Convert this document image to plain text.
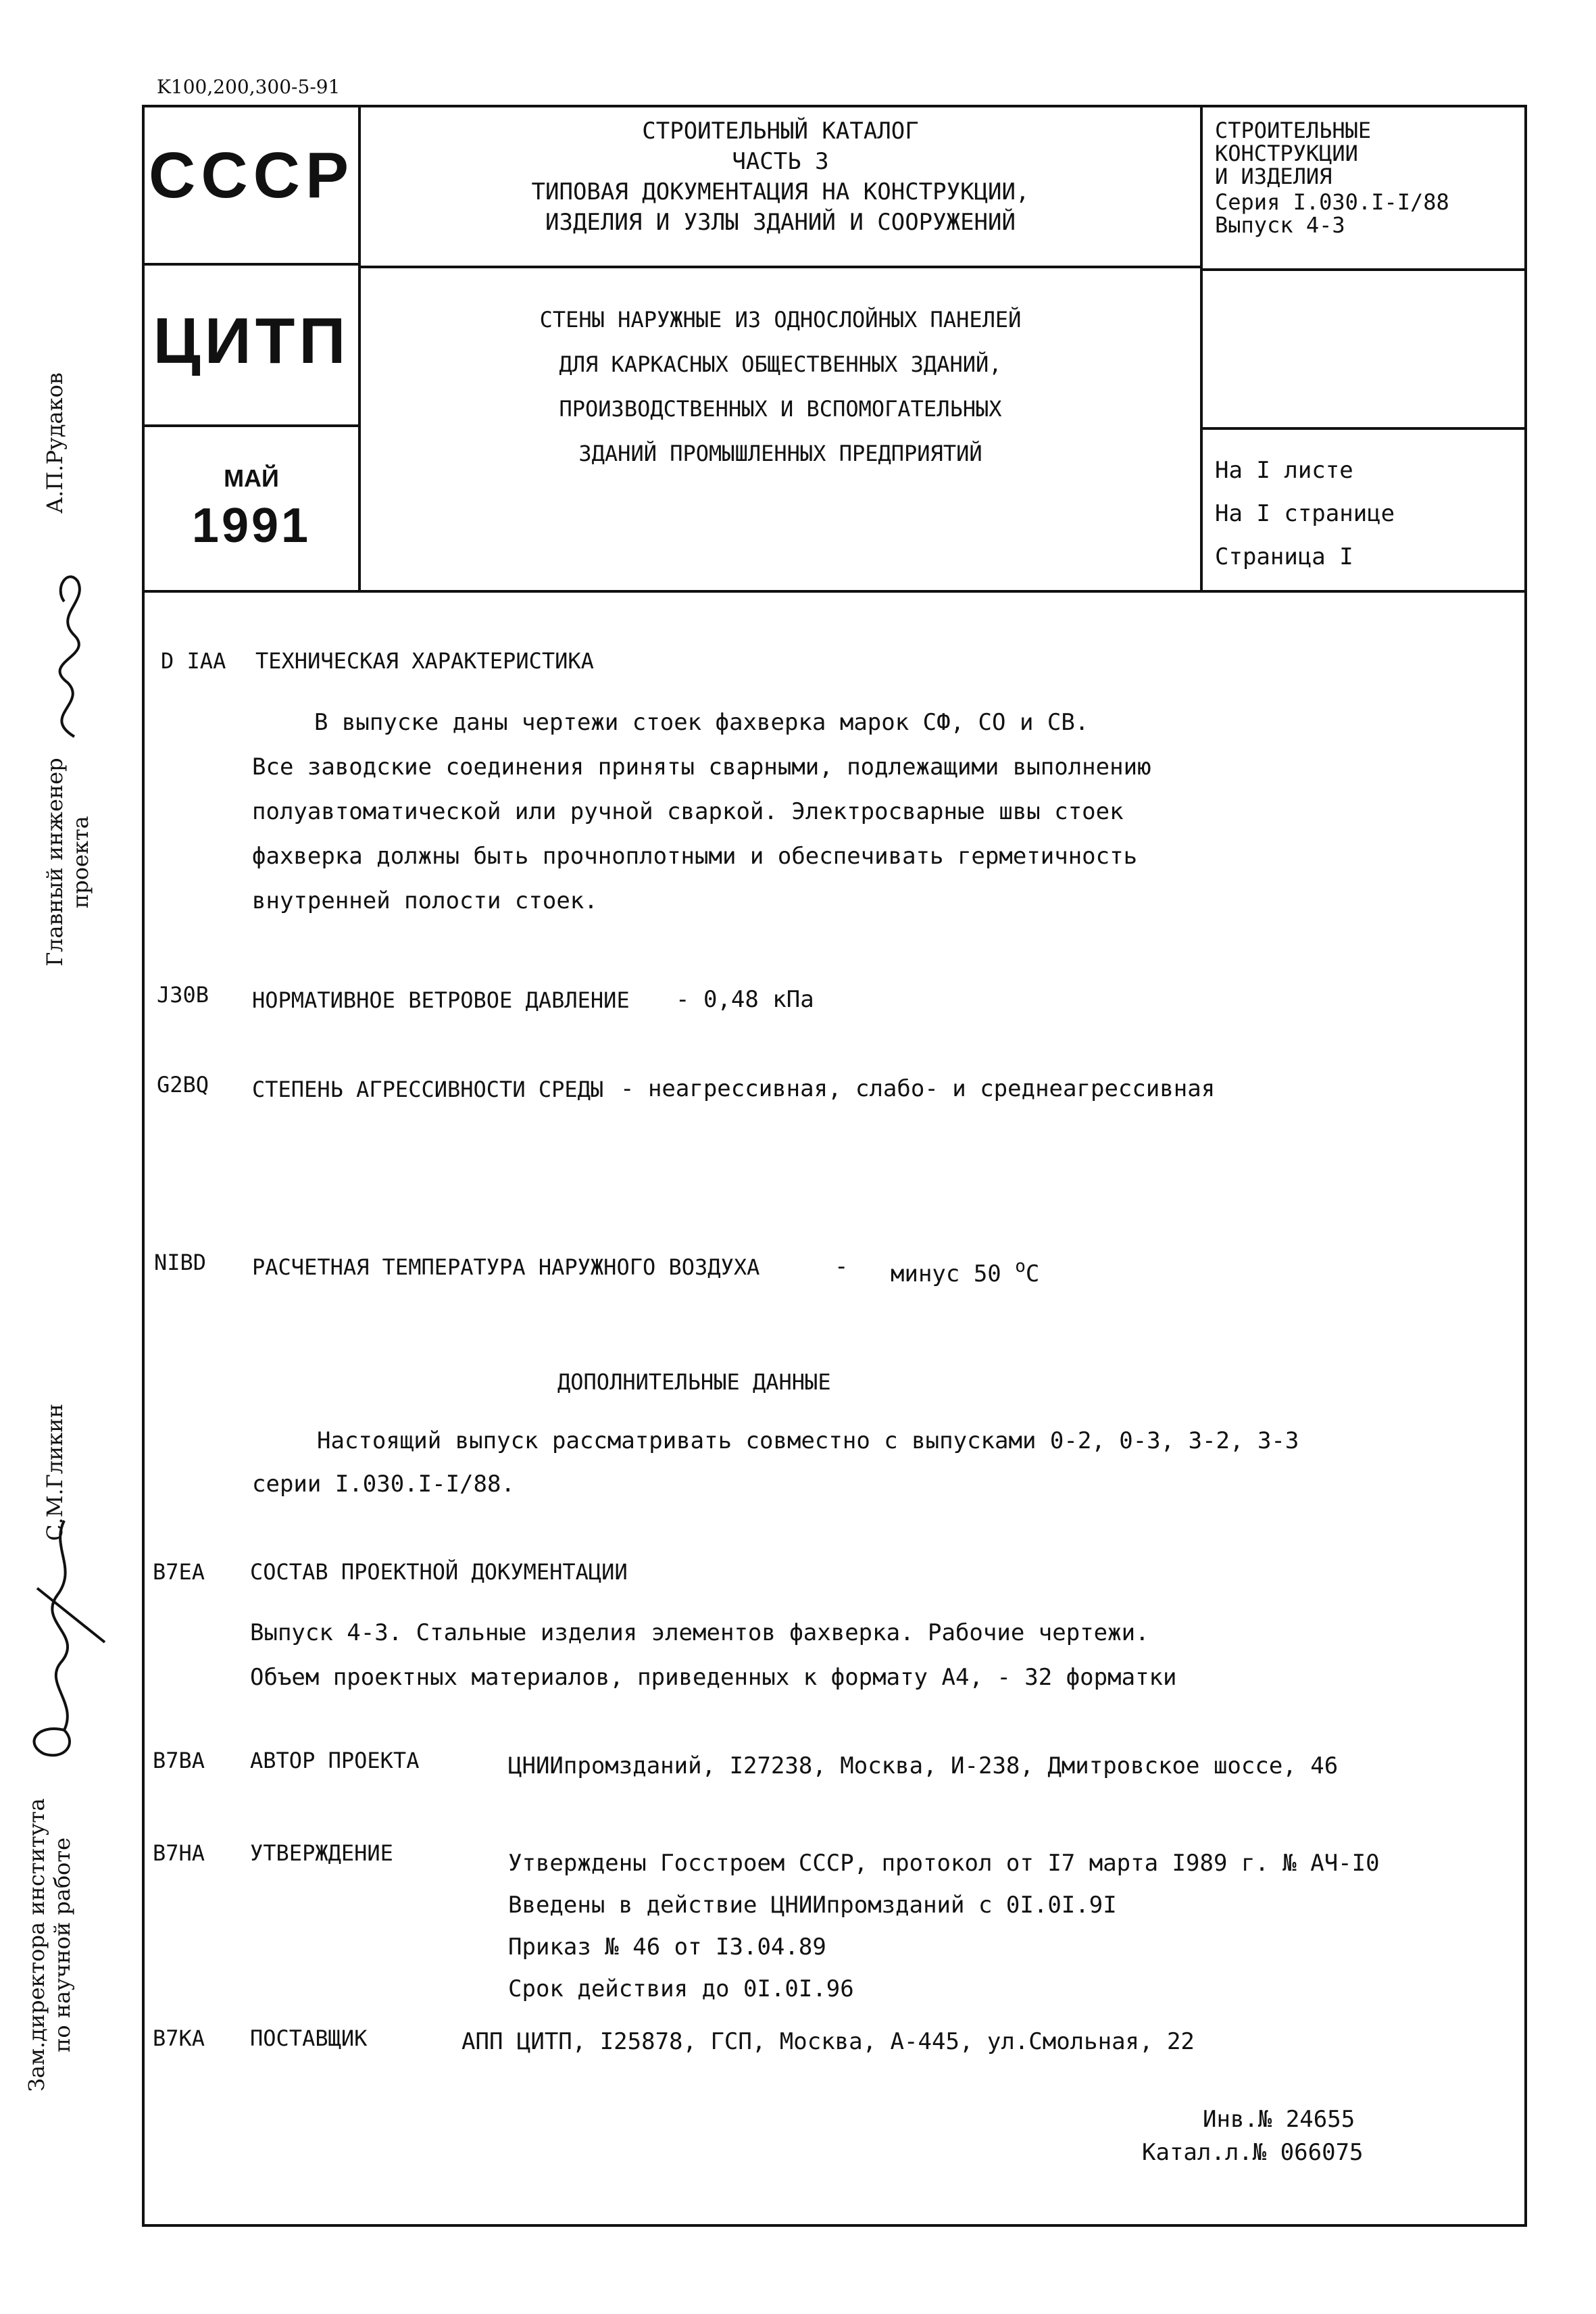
K100,200,300-5-91
СССР
ЦИТП
МАЙ
1991
СТРОИТЕЛЬНЫЙ КАТАЛОГ
ЧАСТЬ 3
ТИПОВАЯ ДОКУМЕНТАЦИЯ НА КОНСТРУКЦИИ,
ИЗДЕЛИЯ И УЗЛЫ ЗДАНИЙ И СООРУЖЕНИЙ
СТРОИТЕЛЬНЫЕ
КОНСТРУКЦИИ
И ИЗДЕЛИЯ
Серия I.030.I-I/88
Выпуск 4-3
СТЕНЫ НАРУЖНЫЕ ИЗ ОДНОСЛОЙНЫХ ПАНЕЛЕЙ
ДЛЯ КАРКАСНЫХ ОБЩЕСТВЕННЫХ ЗДАНИЙ,
ПРОИЗВОДСТВЕННЫХ И ВСПОМОГАТЕЛЬНЫХ
ЗДАНИЙ ПРОМЫШЛЕННЫХ ПРЕДПРИЯТИЙ
На I листе
На I странице
Страница I
А.П.Рудаков
Главный инженер проекта
С.М.Гликин
Зам.директора института по научной работе
D IAA ТЕХНИЧЕСКАЯ ХАРАКТЕРИСТИКА
В выпуске даны чертежи стоек фахверка марок СФ, СО и СВ.
Все заводские соединения приняты сварными, подлежащими выполнению
полуавтоматической или ручной сваркой. Электросварные швы стоек
фахверка должны быть прочноплотными и обеспечивать герметичность
внутренней полости стоек.
J30B НОРМАТИВНОЕ ВЕТРОВОЕ ДАВЛЕНИЕ - 0,48 кПа
G2BQ СТЕПЕНЬ АГРЕССИВНОСТИ СРЕДЫ - неагрессивная, слабо- и среднеагрессивная
NIBD РАСЧЕТНАЯ ТЕМПЕРАТУРА НАРУЖНОГО ВОЗДУХА	- минус 50 $^o$C
ДОПОЛНИТЕЛЬНЫЕ ДАННЫЕ
Настоящий выпуск рассматривать совместно с выпусками 0-2, 0-3, 3-2, 3-3
серии I.030.I-I/88.
B7EA СОСТАВ ПРОЕКТНОЙ ДОКУМЕНТАЦИИ
Выпуск 4-3. Стальные изделия элементов фахверка. Рабочие чертежи.
Объем проектных материалов, приведенных к формату А4, - 32 форматки
B7BA АВТОР ПРОЕКТА	ЦНИИпромзданий, I27238, Москва, И-238, Дмитровское шоссе, 46
B7HA УТВЕРЖДЕНИЕ	Утверждены Госстроем СССР, протокол от I7 марта I989 г. № АЧ-I0
Введены в действие ЦНИИпромзданий с 0I.0I.9I
Приказ № 46 от I3.04.89
Срок действия до 0I.0I.96
B7KA ПОСТАВЩИК	АПП ЦИТП, I25878, ГСП, Москва, А-445, ул.Смольная, 22
Инв.№ 24655
Катал.л.№ 066075
